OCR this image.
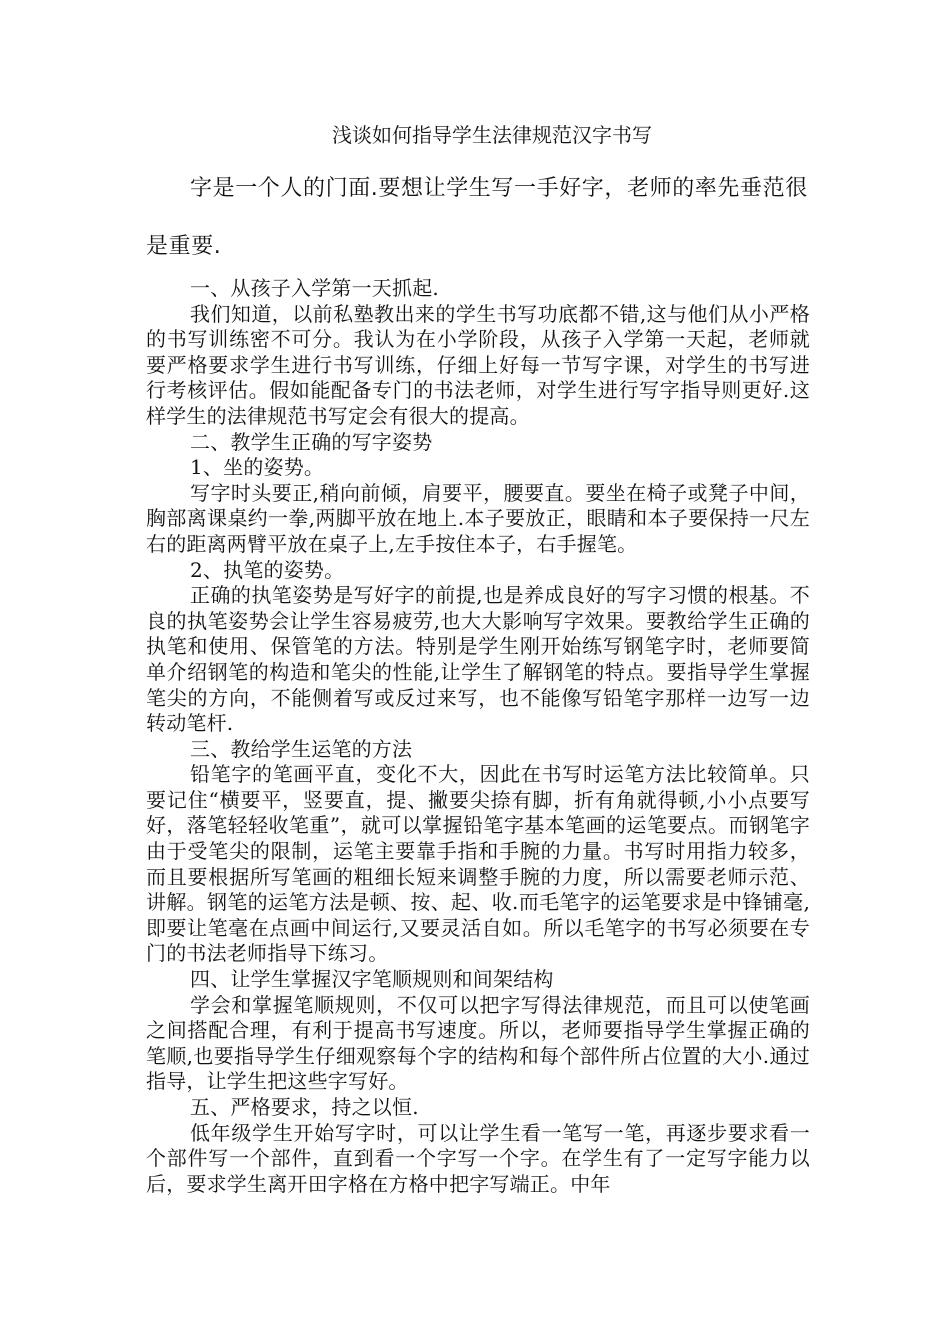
浅谈如何指导学生法律规范汉字书写

字是一个人的门面.要想让学生写一手好字，老师的率先垂范很是重要.

一、从孩子入学第一天抓起.

我们知道，以前私塾教出来的学生书写功底都不错,这与他们从小严格的书写训练密不可分。我认为在小学阶段，从孩子入学第一天起，老师就要严格要求学生进行书写训练，仔细上好每一节写字课，对学生的书写进行考核评估。假如能配备专门的书法老师，对学生进行写字指导则更好.这样学生的法律规范书写定会有很大的提高。

二、教学生正确的写字姿势

1、坐的姿势。

写字时头要正,稍向前倾，肩要平，腰要直。要坐在椅子或凳子中间，胸部离课桌约一拳,两脚平放在地上.本子要放正，眼睛和本子要保持一尺左右的距离两臂平放在桌子上,左手按住本子，右手握笔。

2、执笔的姿势。

正确的执笔姿势是写好字的前提,也是养成良好的写字习惯的根基。不良的执笔姿势会让学生容易疲劳,也大大影响写字效果。要教给学生正确的执笔和使用、保管笔的方法。特别是学生刚开始练写钢笔字时，老师要简单介绍钢笔的构造和笔尖的性能,让学生了解钢笔的特点。要指导学生掌握笔尖的方向，不能侧着写或反过来写，也不能像写铅笔字那样一边写一边转动笔杆.

三、教给学生运笔的方法

铅笔字的笔画平直，变化不大，因此在书写时运笔方法比较简单。只要记住“横要平，竖要直，提、撇要尖捺有脚，折有角就得顿,小小点要写好，落笔轻轻收笔重”，就可以掌握铅笔字基本笔画的运笔要点。而钢笔字由于受笔尖的限制，运笔主要靠手指和手腕的力量。书写时用指力较多，而且要根据所写笔画的粗细长短来调整手腕的力度，所以需要老师示范、讲解。钢笔的运笔方法是顿、按、起、收.而毛笔字的运笔要求是中锋铺毫,即要让笔毫在点画中间运行,又要灵活自如。所以毛笔字的书写必须要在专门的书法老师指导下练习。

四、让学生掌握汉字笔顺规则和间架结构

学会和掌握笔顺规则，不仅可以把字写得法律规范，而且可以使笔画之间搭配合理，有利于提高书写速度。所以，老师要指导学生掌握正确的笔顺,也要指导学生仔细观察每个字的结构和每个部件所占位置的大小.通过指导，让学生把这些字写好。

五、严格要求，持之以恒.

低年级学生开始写字时，可以让学生看一笔写一笔，再逐步要求看一个部件写一个部件，直到看一个字写一个字。在学生有了一定写字能力以后，要求学生离开田字格在方格中把字写端正。中年
